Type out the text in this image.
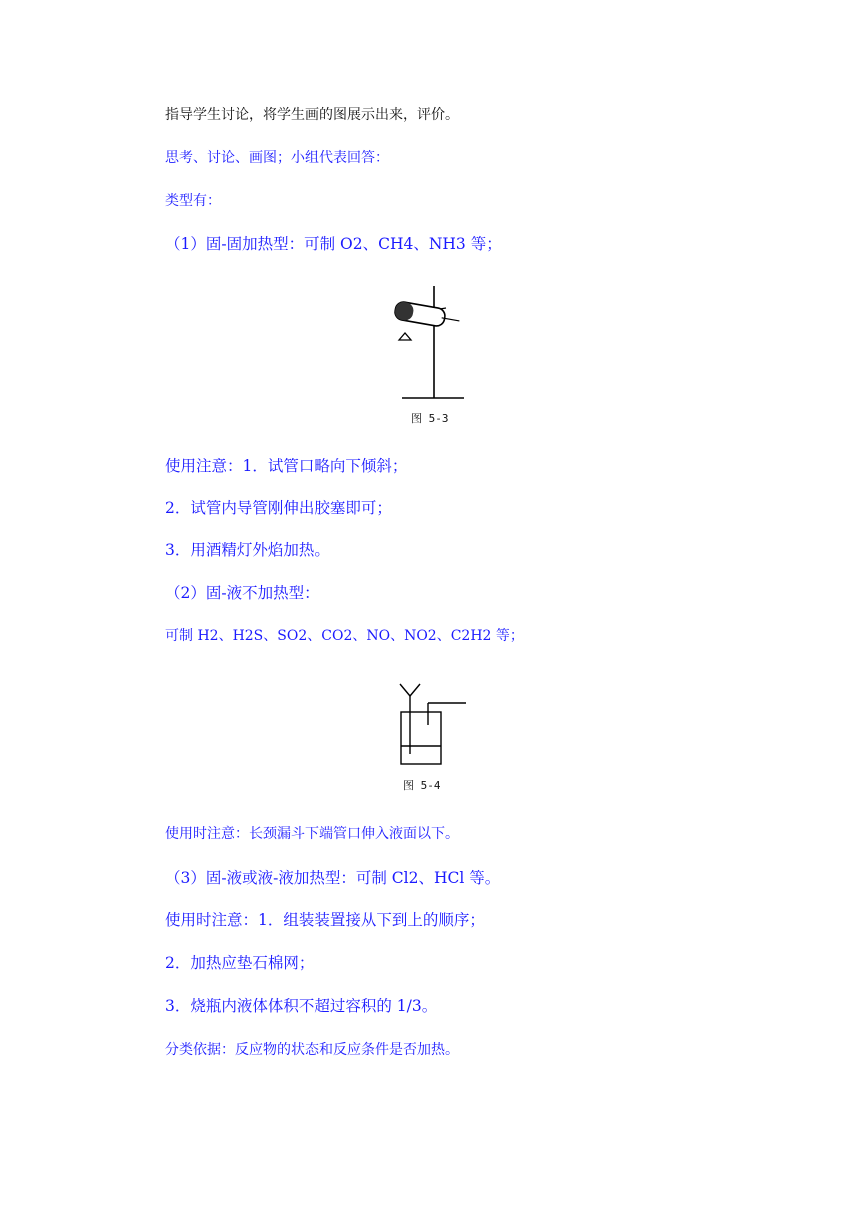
指导学生讨论，将学生画的图展示出来，评价。
思考、讨论、画图；小组代表回答：
类型有：
（1）固-固加热型：可制 O2、CH4、NH3 等；
图 5-3
使用注意：1．试管口略向下倾斜；
2．试管内导管刚伸出胶塞即可；
3．用酒精灯外焰加热。
（2）固-液不加热型：
可制 H2、H2S、SO2、CO2、NO、NO2、C2H2 等；
图 5-4
使用时注意：长颈漏斗下端管口伸入液面以下。
（3）固-液或液-液加热型：可制 Cl2、HCl 等。
使用时注意：1．组装装置接从下到上的顺序；
2．加热应垫石棉网；
3．烧瓶内液体体积不超过容积的 1/3。
分类依据：反应物的状态和反应条件是否加热。
